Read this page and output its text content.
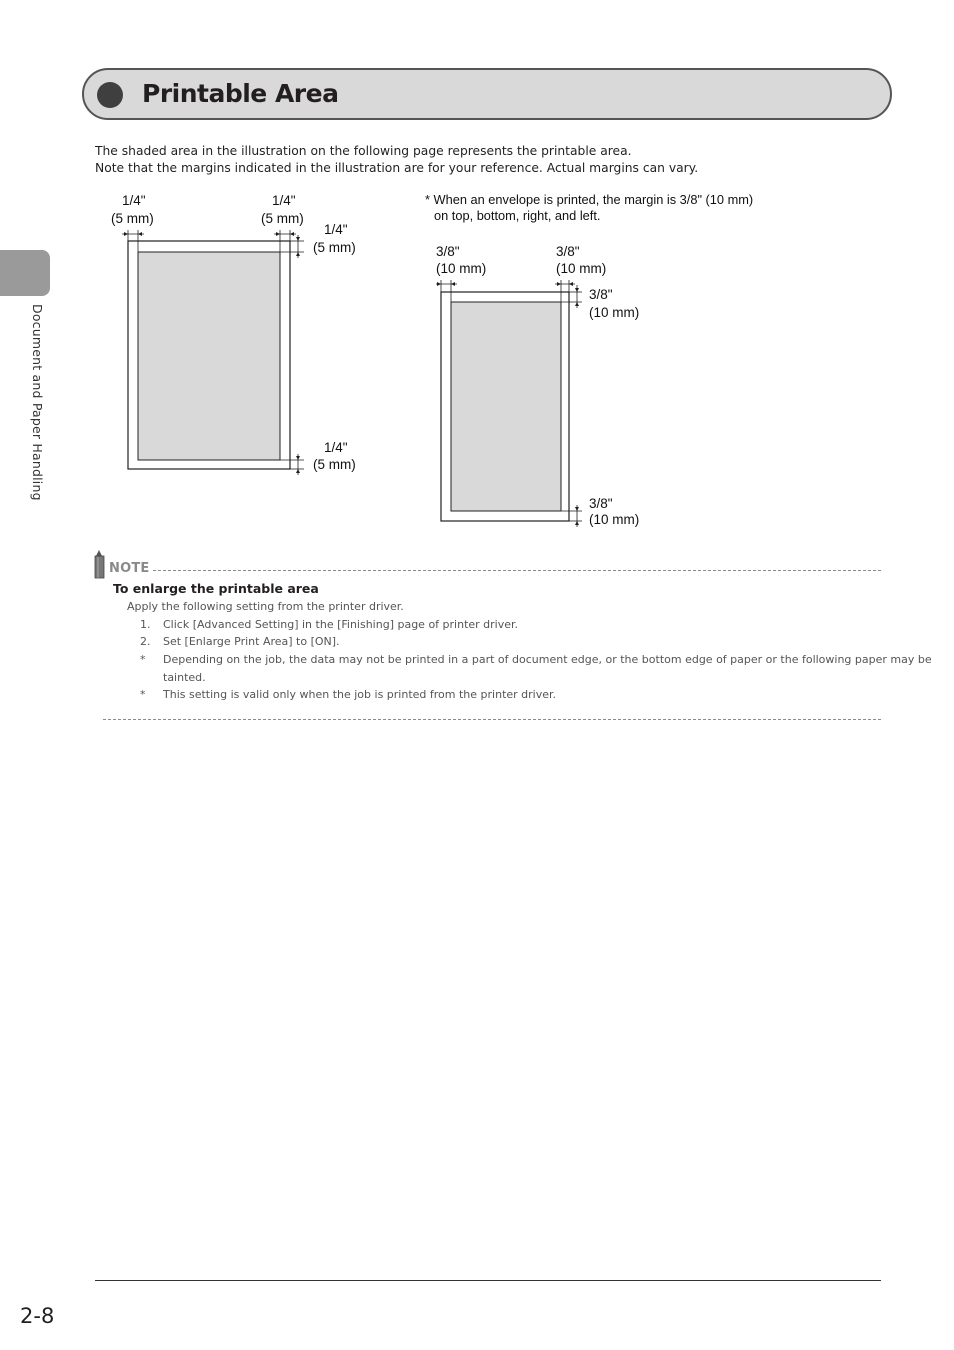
Printable Area
Document and Paper Handling
The shaded area in the illustration on the following page represents the printable area.
Note that the margins indicated in the illustration are for your reference. Actual margins can vary.
1/4"
(5 mm)
1/4"
(5 mm)
1/4"
(5 mm)
1/4"
(5 mm)
* When an envelope is printed, the margin is 3/8" (10 mm)
on top, bottom, right, and left.
3/8"
(10 mm)
3/8"
(10 mm)
3/8"
(10 mm)
3/8"
(10 mm)
NOTE
To enlarge the printable area
Apply the following setting from the printer driver.
1. Click [Advanced Setting] in the [Finishing] page of printer driver.
2. Set [Enlarge Print Area] to [ON].
* Depending on the job, the data may not be printed in a part of document edge, or the bottom edge of paper or the following paper may be
tainted.
* This setting is valid only when the job is printed from the printer driver.
2-8
